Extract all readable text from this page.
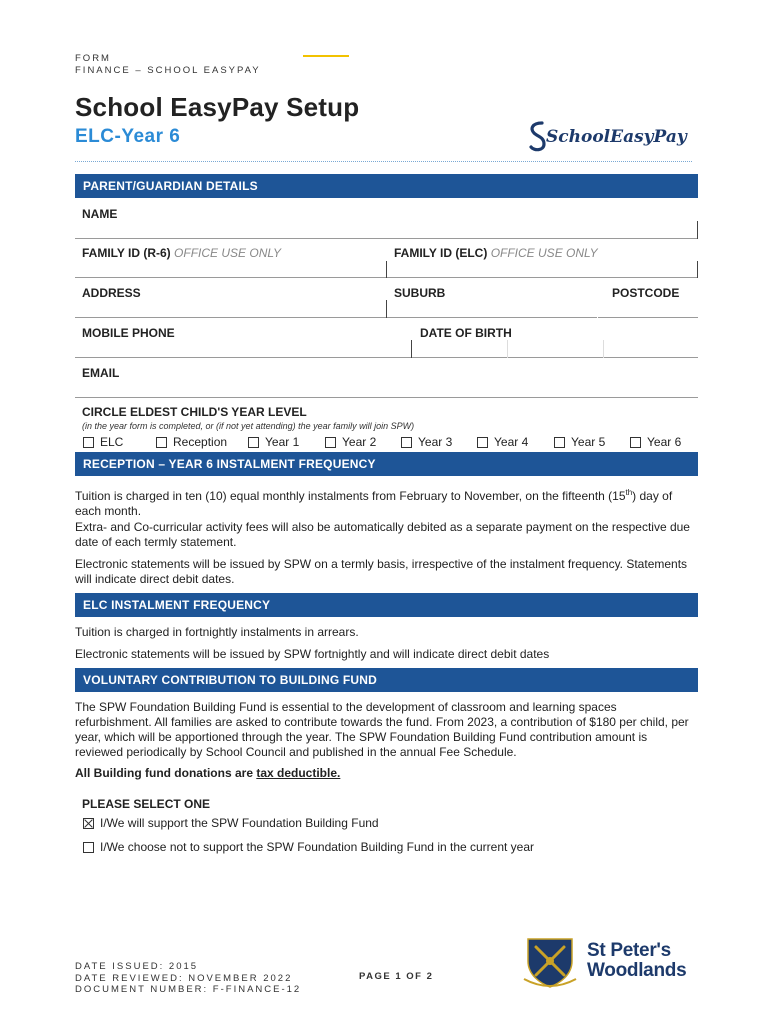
FORM
FINANCE – SCHOOL EASYPAY
School EasyPay Setup
ELC-Year 6	SchoolEasyPay
PARENT/GUARDIAN DETAILS
NAME
FAMILY ID (R-6) OFFICE USE ONLY	FAMILY ID (ELC) OFFICE USE ONLY
ADDRESS	SUBURB	POSTCODE
MOBILE PHONE	DATE OF BIRTH
EMAIL
CIRCLE ELDEST CHILD'S YEAR LEVEL
(in the year form is completed, or (if not yet attending) the year family will join SPW)
ELC	Reception	Year 1	Year 2	Year 3	Year 4	Year 5	Year 6
RECEPTION – YEAR 6 INSTALMENT FREQUENCY
Tuition is charged in ten (10) equal monthly instalments from February to November, on the fifteenth (15th) day of each month.
Extra- and Co-curricular activity fees will also be automatically debited as a separate payment on the respective due date of each termly statement.
Electronic statements will be issued by SPW on a termly basis, irrespective of the instalment frequency. Statements will indicate direct debit dates.
ELC INSTALMENT FREQUENCY
Tuition is charged in fortnightly instalments in arrears.
Electronic statements will be issued by SPW fortnightly and will indicate direct debit dates
VOLUNTARY CONTRIBUTION TO BUILDING FUND
The SPW Foundation Building Fund is essential to the development of classroom and learning spaces refurbishment. All families are asked to contribute towards the fund. From 2023, a contribution of $180 per child, per year, which will be apportioned through the year. The SPW Foundation Building Fund contribution amount is reviewed periodically by School Council and published in the annual Fee Schedule.
All Building fund donations are tax deductible.
PLEASE SELECT ONE
I/We will support the SPW Foundation Building Fund
I/We choose not to support the SPW Foundation Building Fund in the current year
DATE ISSUED: 2015
DATE REVIEWED: NOVEMBER 2022
DOCUMENT NUMBER: F-FINANCE-12
PAGE 1 OF 2
St Peter's
Woodlands
